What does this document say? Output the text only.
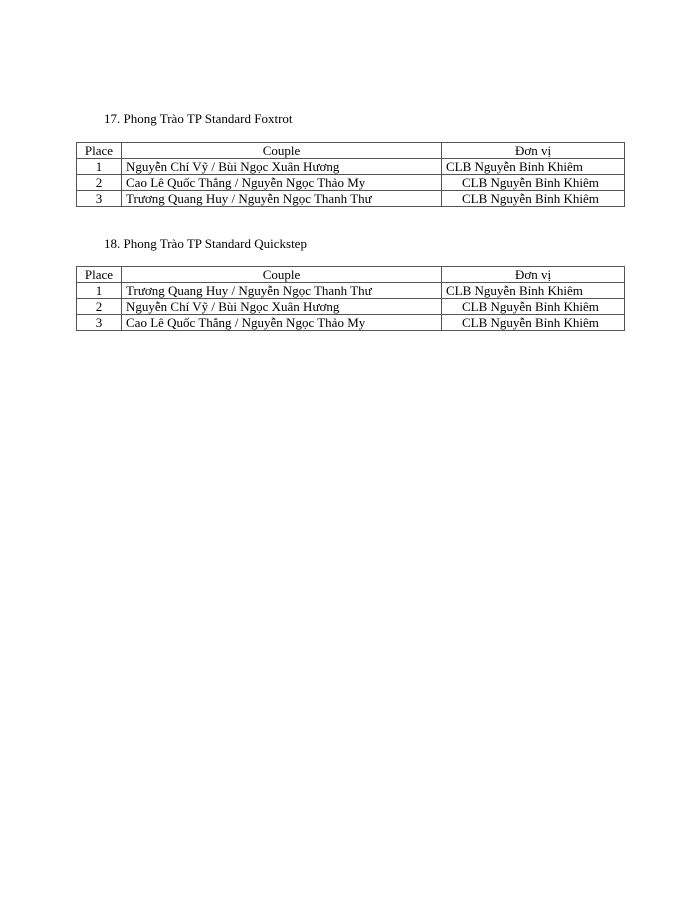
17. Phong Trào TP Standard Foxtrot
Place	Couple	Đơn vị
1	Nguyễn Chí Vỹ / Bùi Ngọc Xuân Hương	CLB Nguyễn Bỉnh Khiêm
2	Cao Lê Quốc Thắng / Nguyễn Ngọc Thảo My	CLB Nguyễn Bỉnh Khiêm
3	Trương Quang Huy / Nguyễn Ngọc Thanh Thư	CLB Nguyễn Bỉnh Khiêm
18. Phong Trào TP Standard Quickstep
Place	Couple	Đơn vị
1	Trương Quang Huy / Nguyễn Ngọc Thanh Thư	CLB Nguyễn Bỉnh Khiêm
2	Nguyễn Chí Vỹ / Bùi Ngọc Xuân Hương	CLB Nguyễn Bỉnh Khiêm
3	Cao Lê Quốc Thắng / Nguyễn Ngọc Thảo My	CLB Nguyễn Bỉnh Khiêm
